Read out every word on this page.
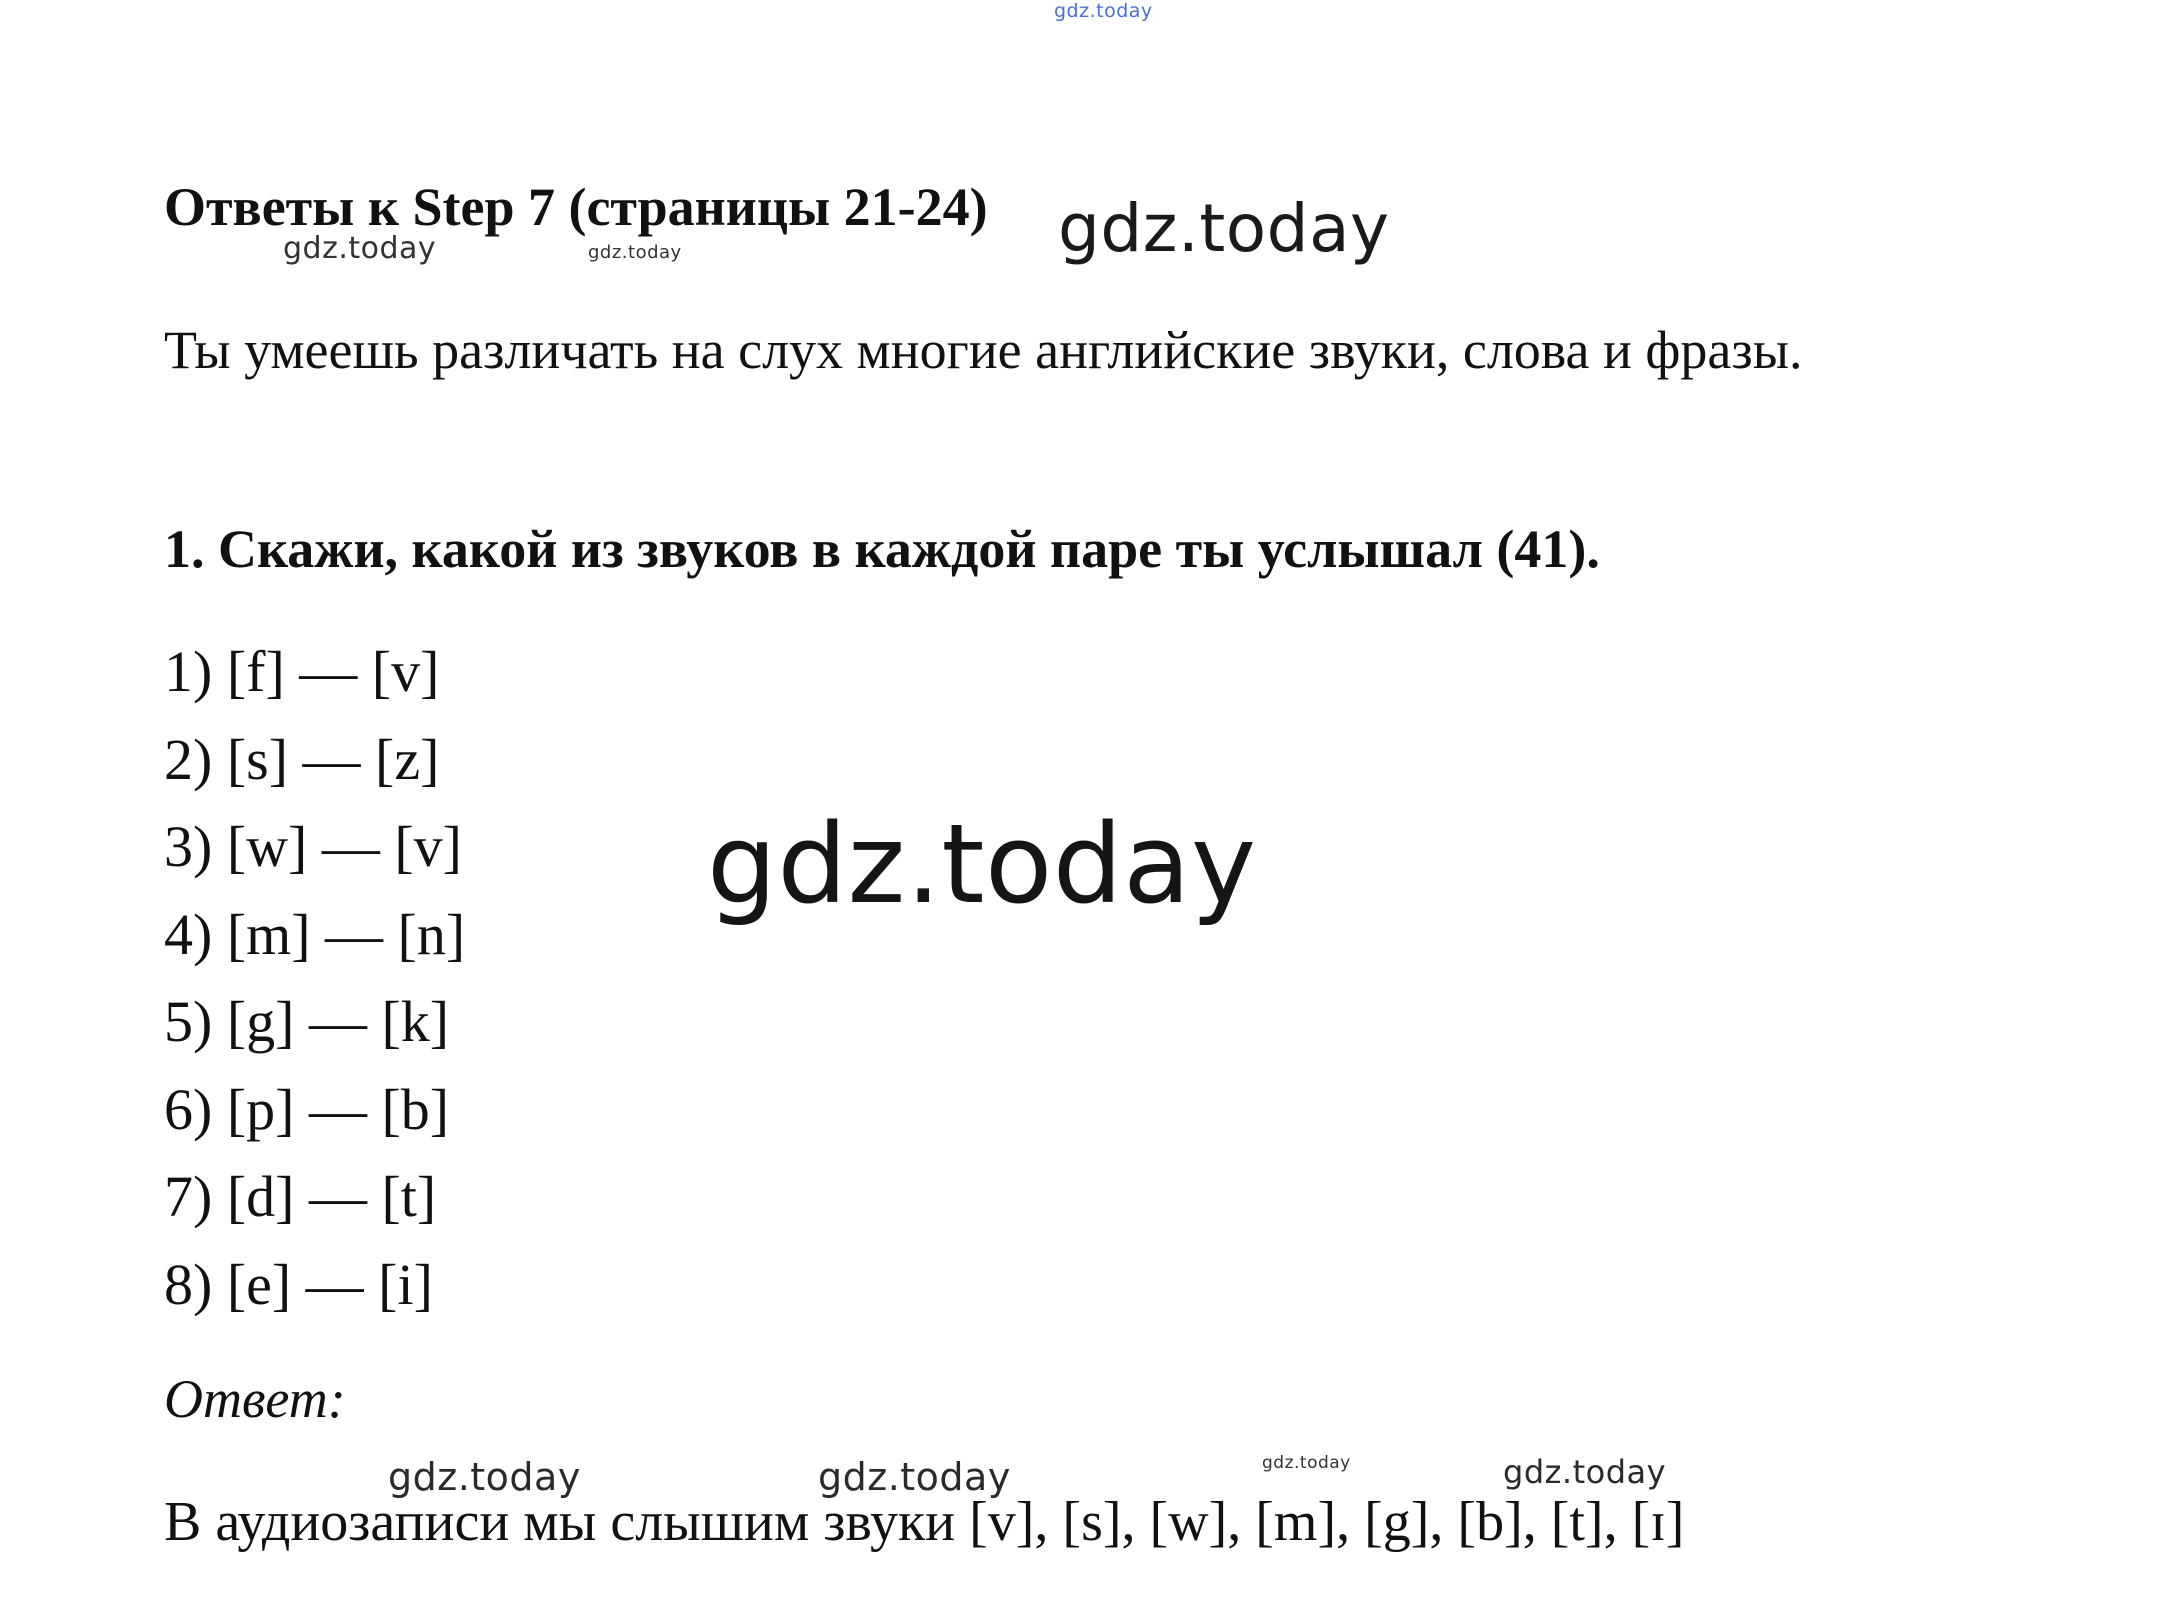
gdz.today
Ответы к Step 7 (страницы 21-24) gdz.today
gdz.today	gdz.today
Ты умеешь различать на слух многие английские звуки, слова и фразы.
1. Скажи, какой из звуков в каждой паре ты услышал (41).
1) [f] — [v]
2) [s] — [z]
3) [w] — [v]
4) [m] — [n]
5) [g] — [k]
6) [p] — [b]
7) [d] — [t]
8) [e] — [i]
gdz.today
Ответ:
gdz.today	gdz.today	gdz.today	gdz.today
В аудиозаписи мы слышим звуки [v], [s], [w], [m], [g], [b], [t], [ɪ]
